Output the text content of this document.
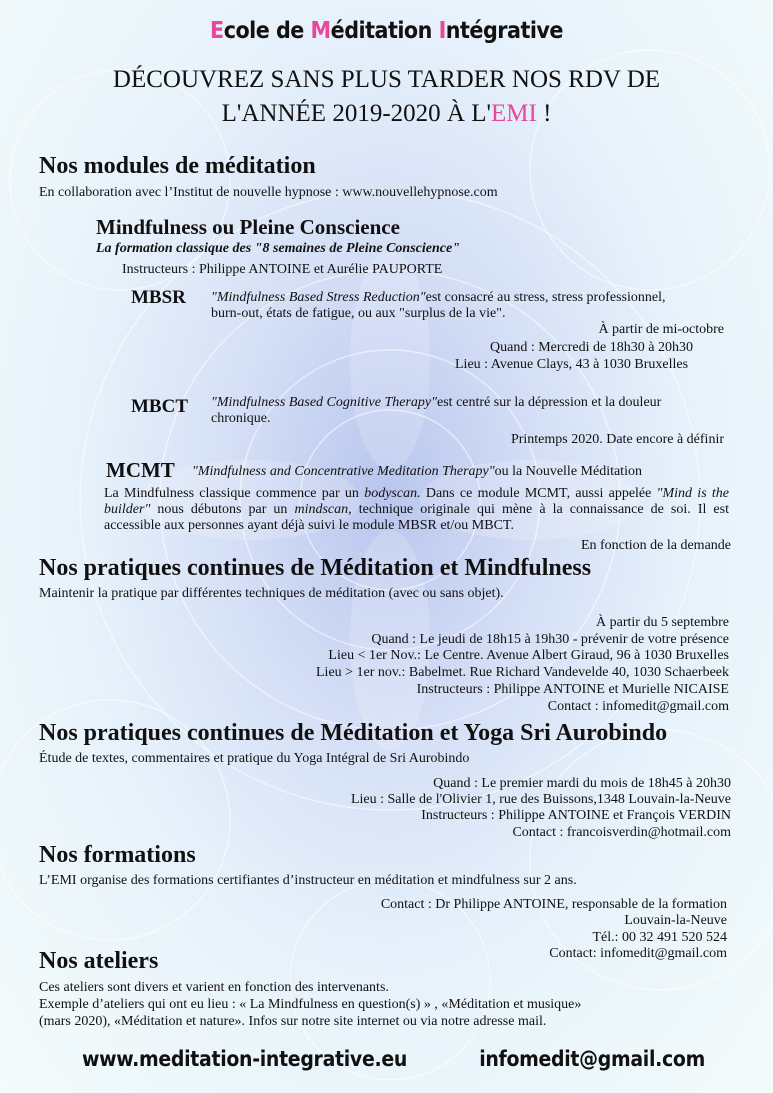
Ecole de Méditation Intégrative
DÉCOUVREZ SANS PLUS TARDER NOS RDV DE
L'ANNÉE 2019-2020 À L'EMI !
Nos modules de méditation
En collaboration avec l’Institut de nouvelle hypnose : www.nouvellehypnose.com
Mindfulness ou Pleine Conscience
La formation classique des "8 semaines de Pleine Conscience"
Instructeurs : Philippe ANTOINE et Aurélie PAUPORTE
MBSR "Mindfulness Based Stress Reduction"est consacré au stress, stress professionnel,
burn-out, états de fatigue, ou aux "surplus de la vie".
À partir de mi-octobre
Quand : Mercredi de 18h30 à 20h30
Lieu : Avenue Clays, 43 à 1030 Bruxelles
MBCT "Mindfulness Based Cognitive Therapy"est centré sur la dépression et la douleur
chronique.
Printemps 2020. Date encore à définir
MCMT "Mindfulness and Concentrative Meditation Therapy"ou la Nouvelle Méditation
La Mindfulness classique commence par un bodyscan. Dans ce module MCMT, aussi appelée "Mind is the builder" nous débutons par un mindscan, technique originale qui mène à la connaissance de soi. Il est accessible aux personnes ayant déjà suivi le module MBSR et/ou MBCT.
En fonction de la demande
Nos pratiques continues de Méditation et Mindfulness
Maintenir la pratique par différentes techniques de méditation (avec ou sans objet).
À partir du 5 septembre
Quand : Le jeudi de 18h15 à 19h30 - prévenir de votre présence
Lieu < 1er Nov.: Le Centre. Avenue Albert Giraud, 96 à 1030 Bruxelles
Lieu > 1er nov.: Babelmet. Rue Richard Vandevelde 40, 1030 Schaerbeek
Instructeurs : Philippe ANTOINE et Murielle NICAISE
Contact : infomedit@gmail.com
Nos pratiques continues de Méditation et Yoga Sri Aurobindo
Étude de textes, commentaires et pratique du Yoga Intégral de Sri Aurobindo
Quand : Le premier mardi du mois de 18h45 à 20h30
Lieu : Salle de l'Olivier 1, rue des Buissons,1348 Louvain-la-Neuve
Instructeurs : Philippe ANTOINE et François VERDIN
Contact : francoisverdin@hotmail.com
Nos formations
L’EMI organise des formations certifiantes d’instructeur en méditation et mindfulness sur 2 ans.
Contact : Dr Philippe ANTOINE, responsable de la formation
Louvain-la-Neuve
Tél.: 00 32 491 520 524
Contact: infomedit@gmail.com
Nos ateliers
Ces ateliers sont divers et varient en fonction des intervenants.
Exemple d’ateliers qui ont eu lieu : « La Mindfulness en question(s) » , «Méditation et musique»
(mars 2020), «Méditation et nature». Infos sur notre site internet ou via notre adresse mail.
www.meditation-integrative.eu	infomedit@gmail.com
